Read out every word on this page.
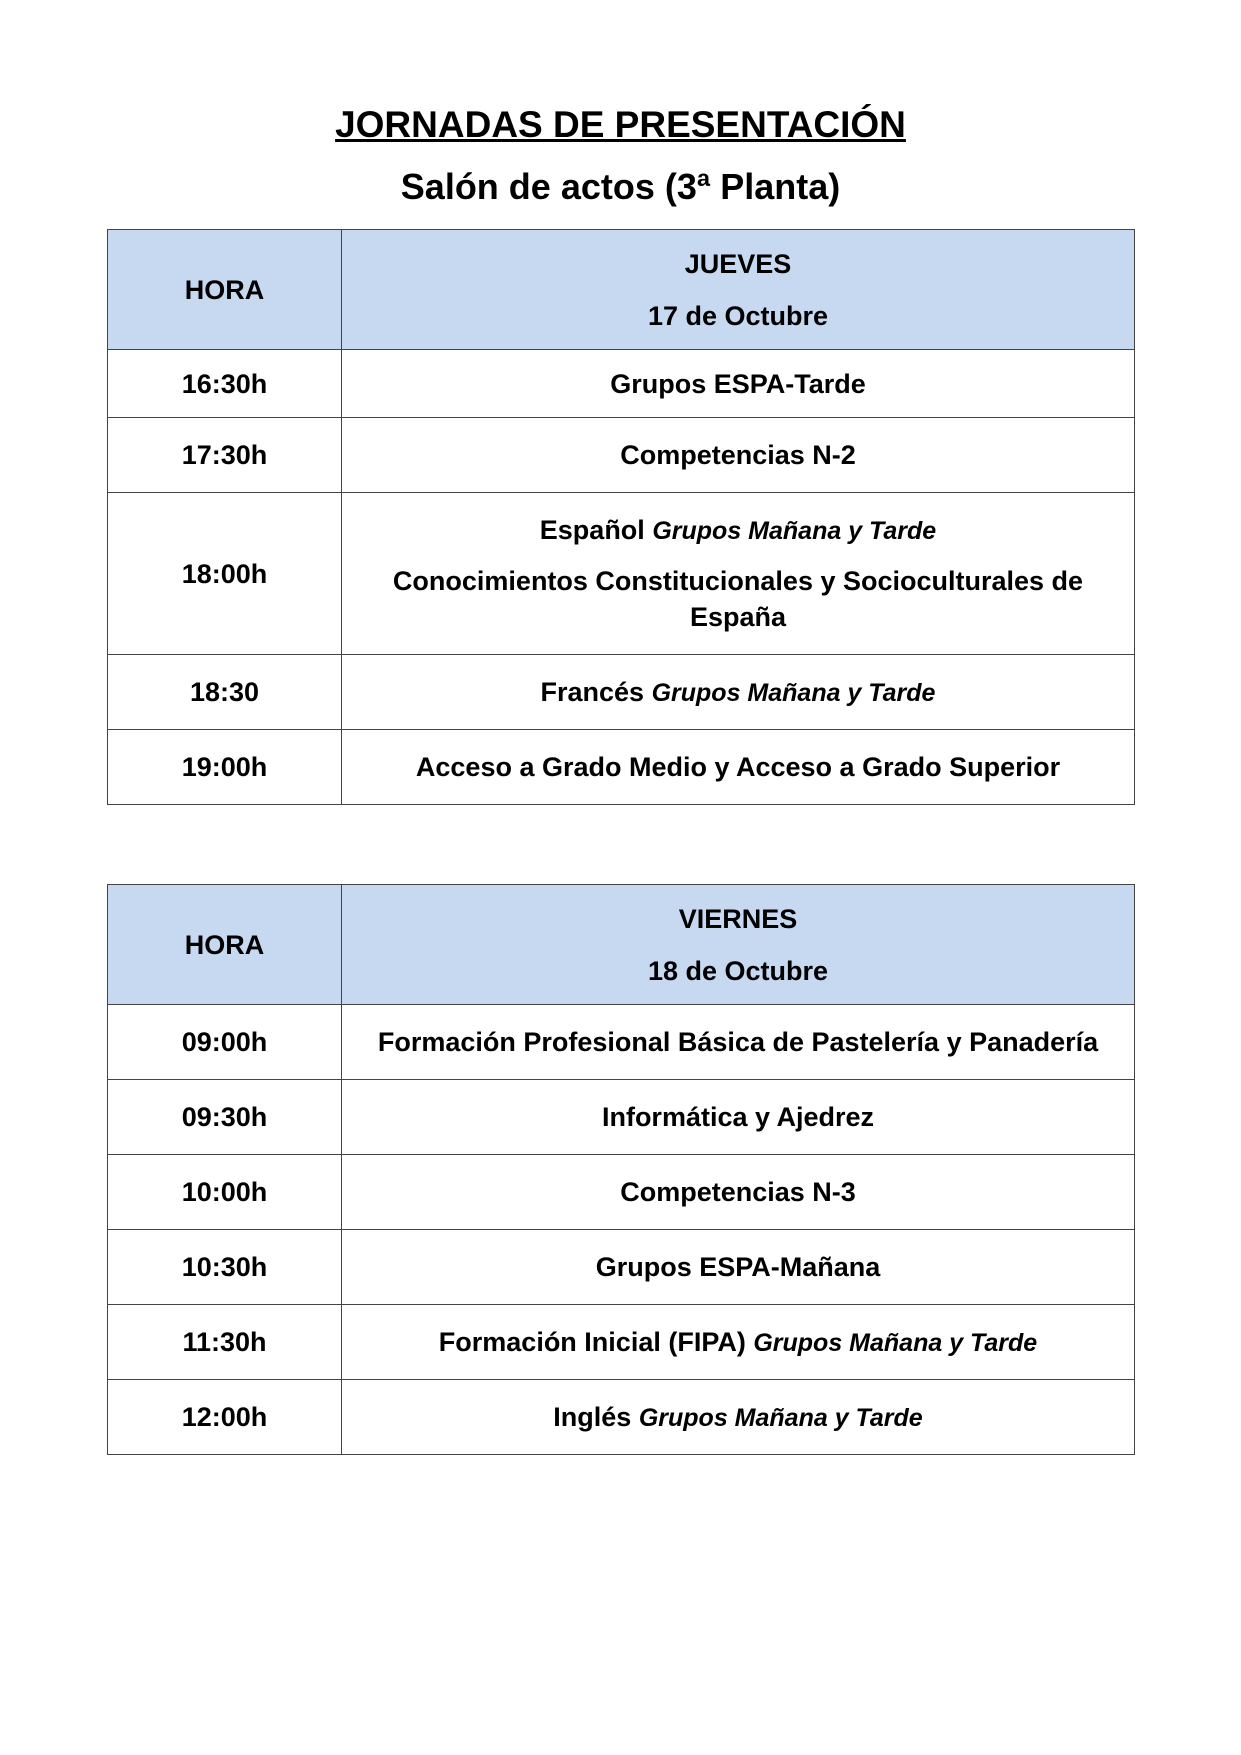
JORNADAS DE PRESENTACIÓN
Salón de actos (3ª Planta)
HORA	JUEVES
17 de Octubre

16:30h	Grupos ESPA-Tarde
17:30h	Competencias N-2
18:00h	Español Grupos Mañana y Tarde
Conocimientos Constitucionales y Socioculturales de España

18:30	Francés Grupos Mañana y Tarde
19:00h	Acceso a Grado Medio y Acceso a Grado Superior
HORA	VIERNES
18 de Octubre

09:00h	Formación Profesional Básica de Pastelería y Panadería
09:30h	Informática y Ajedrez
10:00h	Competencias N-3
10:30h	Grupos ESPA-Mañana
11:30h	Formación Inicial (FIPA) Grupos Mañana y Tarde
12:00h	Inglés Grupos Mañana y Tarde
